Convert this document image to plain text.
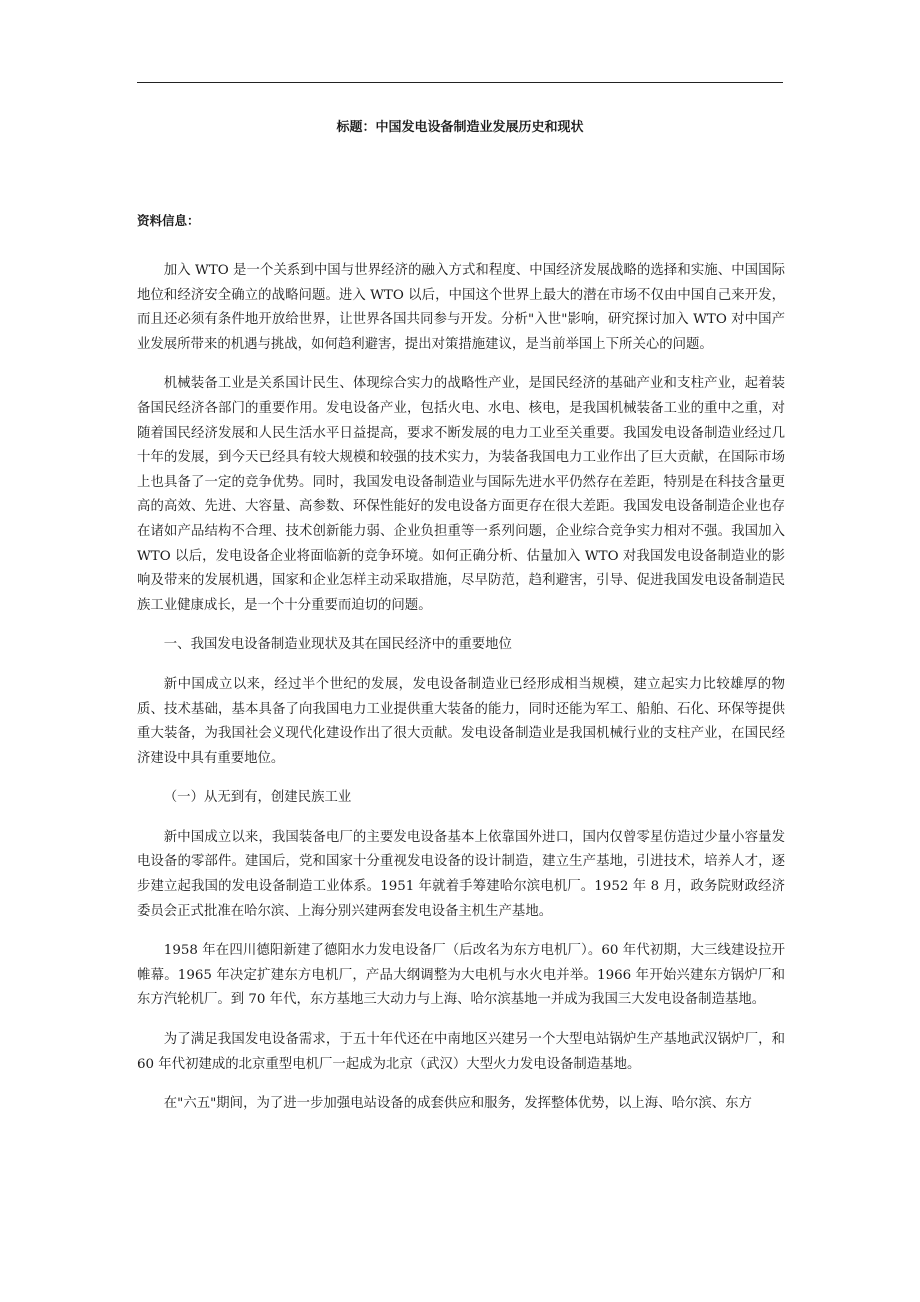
标题：中国发电设备制造业发展历史和现状

资料信息：

加入 WTO 是一个关系到中国与世界经济的融入方式和程度、中国经济发展战略的选择和实施、中国国际地位和经济安全确立的战略问题。进入 WTO 以后，中国这个世界上最大的潜在市场不仅由中国自己来开发，而且还必须有条件地开放给世界，让世界各国共同参与开发。分析"入世"影响，研究探讨加入 WTO 对中国产业发展所带来的机遇与挑战，如何趋利避害，提出对策措施建议，是当前举国上下所关心的问题。

机械装备工业是关系国计民生、体现综合实力的战略性产业，是国民经济的基础产业和支柱产业，起着装备国民经济各部门的重要作用。发电设备产业，包括火电、水电、核电，是我国机械装备工业的重中之重，对随着国民经济发展和人民生活水平日益提高，要求不断发展的电力工业至关重要。我国发电设备制造业经过几十年的发展，到今天已经具有较大规模和较强的技术实力，为装备我国电力工业作出了巨大贡献，在国际市场上也具备了一定的竞争优势。同时，我国发电设备制造业与国际先进水平仍然存在差距，特别是在科技含量更高的高效、先进、大容量、高参数、环保性能好的发电设备方面更存在很大差距。我国发电设备制造企业也存在诸如产品结构不合理、技术创新能力弱、企业负担重等一系列问题，企业综合竞争实力相对不强。我国加入 WTO 以后，发电设备企业将面临新的竞争环境。如何正确分析、估量加入 WTO 对我国发电设备制造业的影响及带来的发展机遇，国家和企业怎样主动采取措施，尽早防范，趋利避害，引导、促进我国发电设备制造民族工业健康成长，是一个十分重要而迫切的问题。

一、我国发电设备制造业现状及其在国民经济中的重要地位

新中国成立以来，经过半个世纪的发展，发电设备制造业已经形成相当规模，建立起实力比较雄厚的物质、技术基础，基本具备了向我国电力工业提供重大装备的能力，同时还能为军工、船舶、石化、环保等提供重大装备，为我国社会义现代化建设作出了很大贡献。发电设备制造业是我国机械行业的支柱产业，在国民经济建设中具有重要地位。

（一）从无到有，创建民族工业

新中国成立以来，我国装备电厂的主要发电设备基本上依靠国外进口，国内仅曾零星仿造过少量小容量发电设备的零部件。建国后，党和国家十分重视发电设备的设计制造，建立生产基地，引进技术，培养人才，逐步建立起我国的发电设备制造工业体系。1951 年就着手筹建哈尔滨电机厂。1952 年 8 月，政务院财政经济委员会正式批准在哈尔滨、上海分别兴建两套发电设备主机生产基地。

1958 年在四川德阳新建了德阳水力发电设备厂（后改名为东方电机厂）。60 年代初期，大三线建设拉开帷幕。1965 年决定扩建东方电机厂，产品大纲调整为大电机与水火电并举。1966 年开始兴建东方锅炉厂和东方汽轮机厂。到 70 年代，东方基地三大动力与上海、哈尔滨基地一并成为我国三大发电设备制造基地。

为了满足我国发电设备需求，于五十年代还在中南地区兴建另一个大型电站锅炉生产基地武汉锅炉厂，和 60 年代初建成的北京重型电机厂一起成为北京（武汉）大型火力发电设备制造基地。

在"六五"期间，为了进一步加强电站设备的成套供应和服务，发挥整体优势，以上海、哈尔滨、东方
